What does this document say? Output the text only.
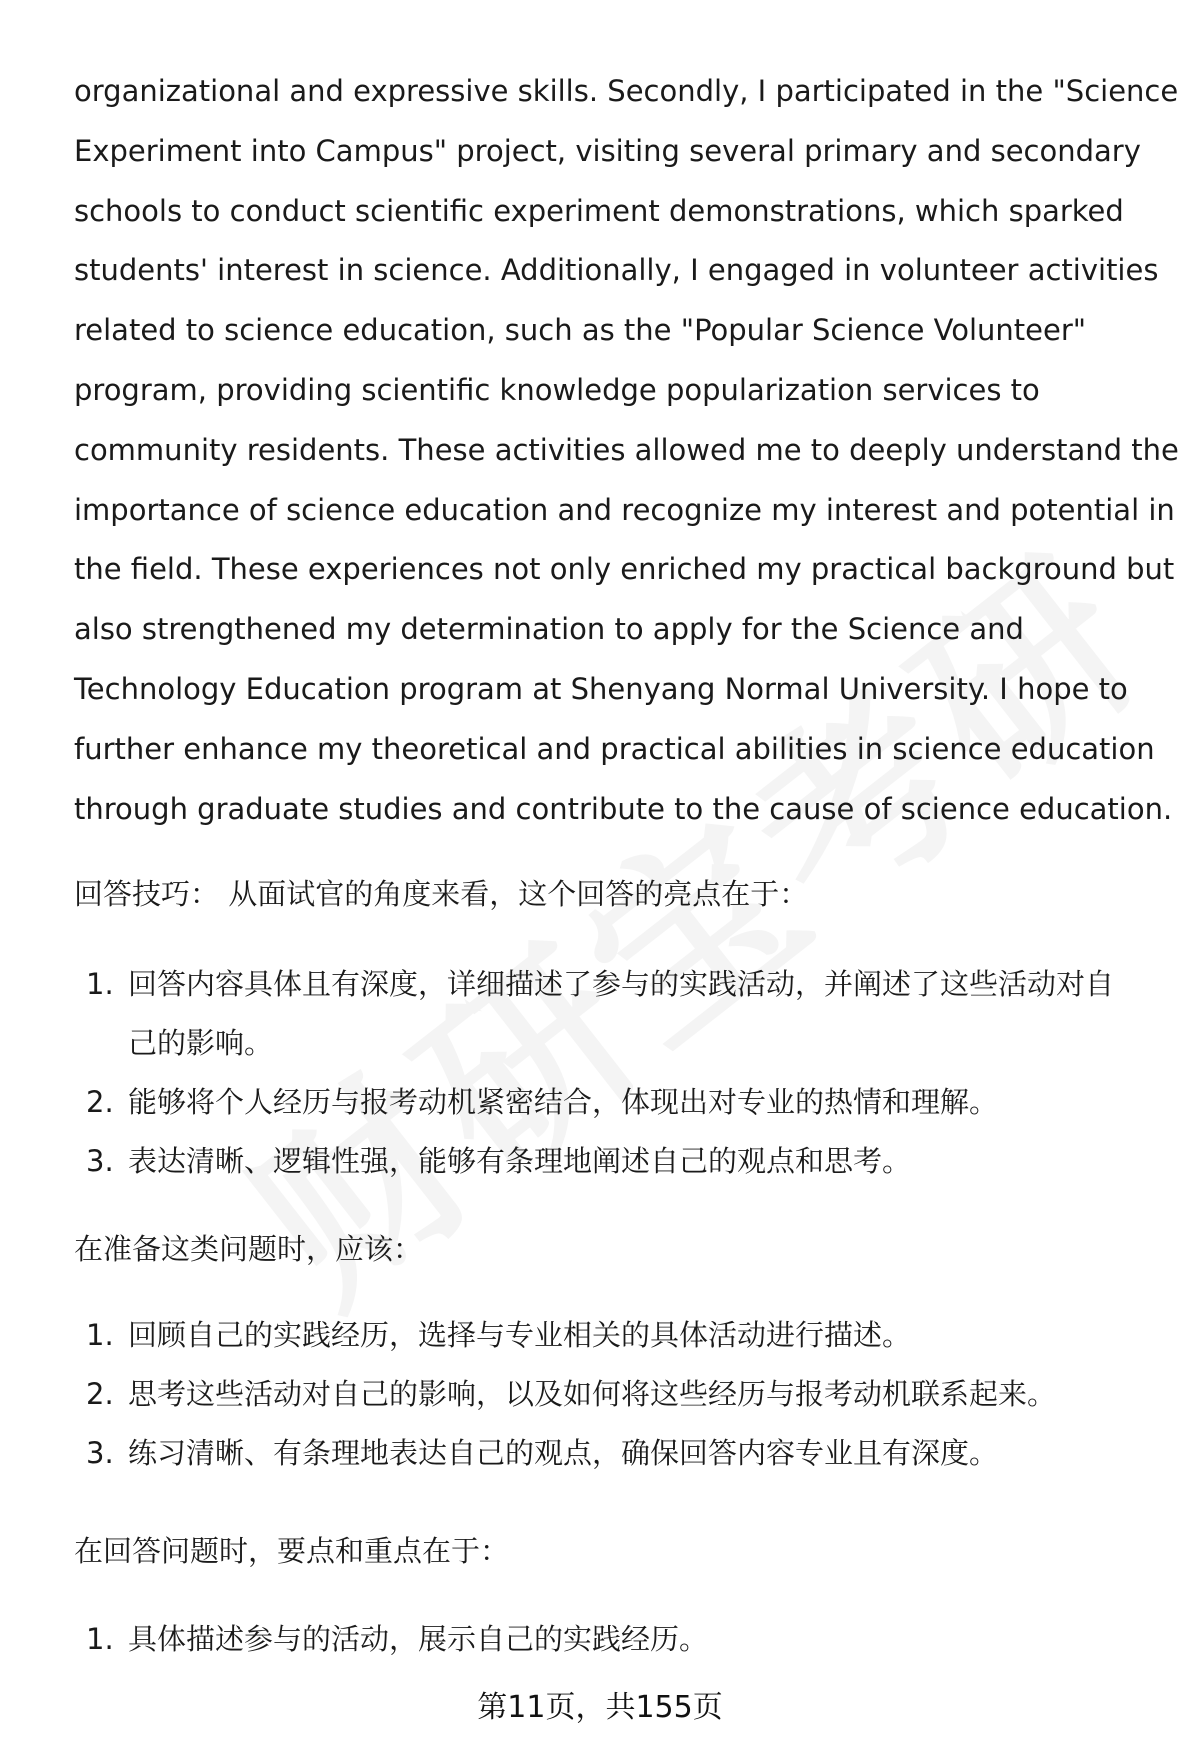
organizational and expressive skills. Secondly, I participated in the "Science
Experiment into Campus" project, visiting several primary and secondary
schools to conduct scientific experiment demonstrations, which sparked
students' interest in science. Additionally, I engaged in volunteer activities
related to science education, such as the "Popular Science Volunteer"
program, providing scientific knowledge popularization services to
community residents. These activities allowed me to deeply understand the
importance of science education and recognize my interest and potential in
the field. These experiences not only enriched my practical background but
also strengthened my determination to apply for the Science and
Technology Education program at Shenyang Normal University. I hope to
further enhance my theoretical and practical abilities in science education
through graduate studies and contribute to the cause of science education.

回答技巧： 从面试官的角度来看，这个回答的亮点在于：

1. 回答内容具体且有深度，详细描述了参与的实践活动，并阐述了这些活动对自
己的影响。
2. 能够将个人经历与报考动机紧密结合，体现出对专业的热情和理解。
3. 表达清晰、逻辑性强，能够有条理地阐述自己的观点和思考。

在准备这类问题时，应该：

1. 回顾自己的实践经历，选择与专业相关的具体活动进行描述。
2. 思考这些活动对自己的影响，以及如何将这些经历与报考动机联系起来。
3. 练习清晰、有条理地表达自己的观点，确保回答内容专业且有深度。

在回答问题时，要点和重点在于：

1. 具体描述参与的活动，展示自己的实践经历。
第11页，共155页
